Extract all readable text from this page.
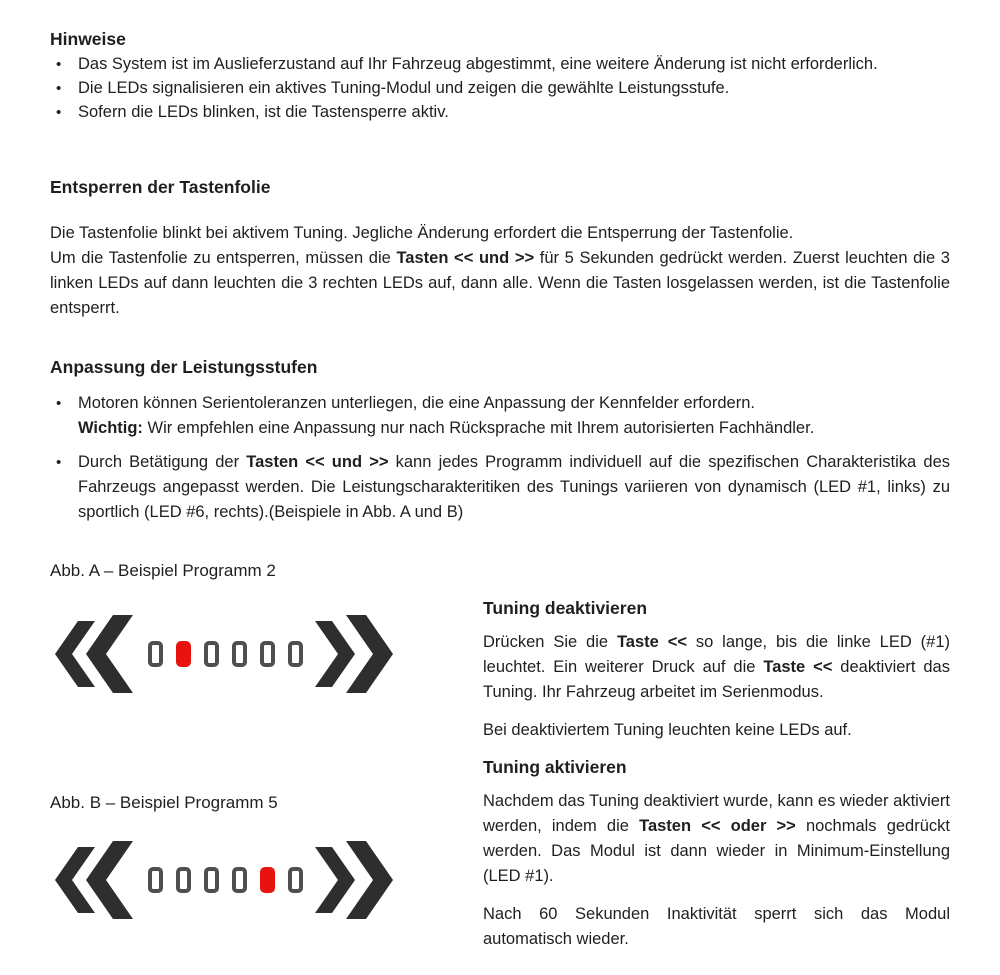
Hinweise
•
Das System ist im Auslieferzustand auf Ihr Fahrzeug abgestimmt, eine weitere Änderung ist nicht erforderlich.
•
Die LEDs signalisieren ein aktives Tuning-Modul und zeigen die gewählte Leistungsstufe.
•
Sofern die LEDs blinken, ist die Tastensperre aktiv.
Entsperren der Tastenfolie

Die Tastenfolie blinkt bei aktivem Tuning. Jegliche Änderung erfordert die Entsperrung der Tastenfolie.

Um die Tastenfolie zu entsperren, müssen die Tasten << und >> für 5 Sekunden gedrückt werden. Zuerst leuchten die 3 linken LEDs auf dann leuchten die 3 rechten LEDs auf, dann alle. Wenn die Tasten losgelassen werden, ist die Tastenfolie entsperrt.

Anpassung der Leistungsstufen
•
Motoren können Serientoleranzen unterliegen, die eine Anpassung der Kennfelder erfordern.
Wichtig: Wir empfehlen eine Anpassung nur nach Rücksprache mit Ihrem autorisierten Fachhändler.
•
Durch Betätigung der Tasten << und >> kann jedes Programm individuell auf die spezifischen Charakteristika des Fahrzeugs angepasst werden. Die Leistungscharakteritiken des Tunings variieren von dynamisch (LED #1, links) zu sportlich (LED #6, rechts).(Beispiele in Abb. A und B)
Abb. A – Beispiel Programm 2
Abb. B – Beispiel Programm 5
Tuning deaktivieren

Drücken Sie die Taste << so lange, bis die linke LED (#1) leuchtet. Ein weiterer Druck auf die Taste << deaktiviert das Tuning. Ihr Fahrzeug arbeitet im Serienmodus.

Bei deaktiviertem Tuning leuchten keine LEDs auf.

Tuning aktivieren

Nachdem das Tuning deaktiviert wurde, kann es wieder aktiviert werden, indem die Tasten << oder >> nochmals gedrückt werden. Das Modul ist dann wieder in Minimum-Einstellung (LED #1).

Nach 60 Sekunden Inaktivität sperrt sich das Modul automatisch wieder.
